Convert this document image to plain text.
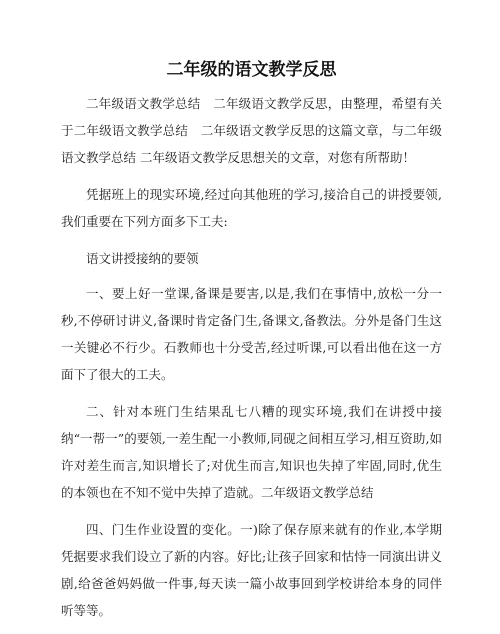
二年级的语文教学反思

二年级语文教学总结　二年级语文教学反思，由整理，希望有关于二年级语文教学总结　二年级语文教学反思的这篇文章，与二年级语文教学总结 二年级语文教学反思想关的文章，对您有所帮助！

凭据班上的现实环境,经过向其他班的学习,接洽自己的讲授要领,我们重要在下列方面多下工夫:

语文讲授接纳的要领

一、要上好一堂课,备课是要害,以是,我们在事情中,放松一分一秒,不停研讨讲义,备课时肯定备门生,备课文,备教法。分外是备门生这一关键必不行少。石教师也十分受苦,经过听课,可以看出他在这一方面下了很大的工夫。

二、针对本班门生结果乱七八糟的现实环境,我们在讲授中接纳“一帮一”的要领,一差生配一小教师,同砚之间相互学习,相互资助,如许对差生而言,知识增长了;对优生而言,知识也失掉了牢固,同时,优生的本领也在不知不觉中失掉了造就。二年级语文教学总结

四、门生作业设置的变化。一)除了保存原来就有的作业,本学期凭据要求我们设立了新的内容。好比;让孩子回家和怙恃一同演出讲义剧,给爸爸妈妈做一件事,每天读一篇小故事回到学校讲给本身的同伴听等等。
